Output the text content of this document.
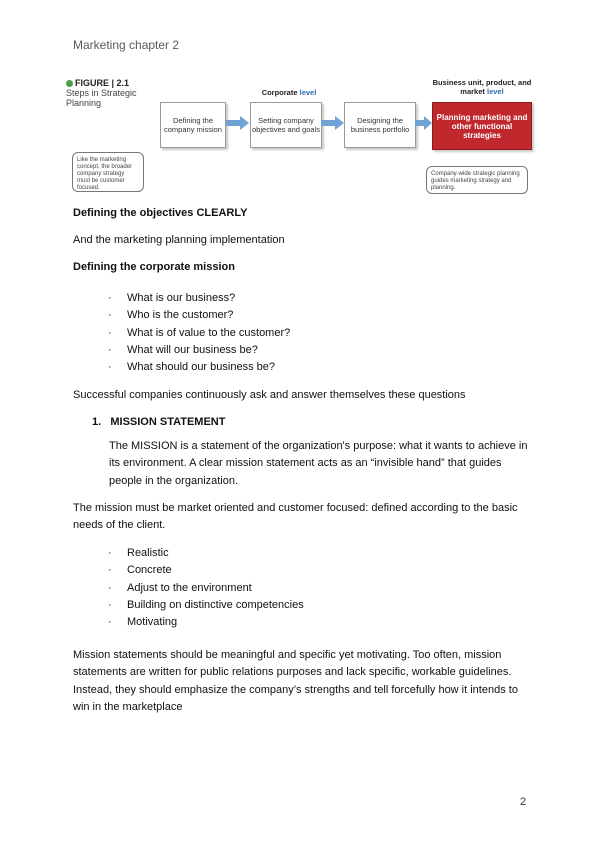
Marketing chapter 2
FIGURE | 2.1
Steps in Strategic Planning
Corporate level
Business unit, product, and market level
Defining the company mission
Setting company objectives and goals
Designing the business portfolio
Planning marketing and other functional strategies
Like the marketing concept, the broader company strategy must be customer focused.
Company-wide strategic planning guides marketing strategy and planning.
Defining the objectives CLEARLY
And the marketing planning implementation
Defining the corporate mission
· What is our business?
· Who is the customer?
· What is of value to the customer?
· What will our business be?
· What should our business be?
Successful companies continuously ask and answer themselves these questions
1. MISSION STATEMENT
The MISSION is a statement of the organization's purpose: what it wants to achieve in its environment. A clear mission statement acts as an “invisible hand” that guides people in the organization.
The mission must be market oriented and customer focused: defined according to the basic needs of the client.
· Realistic
· Concrete
· Adjust to the environment
· Building on distinctive competencies
· Motivating
Mission statements should be meaningful and specific yet motivating. Too often, mission statements are written for public relations purposes and lack specific, workable guidelines. Instead, they should emphasize the company’s strengths and tell forcefully how it intends to win in the marketplace
2
